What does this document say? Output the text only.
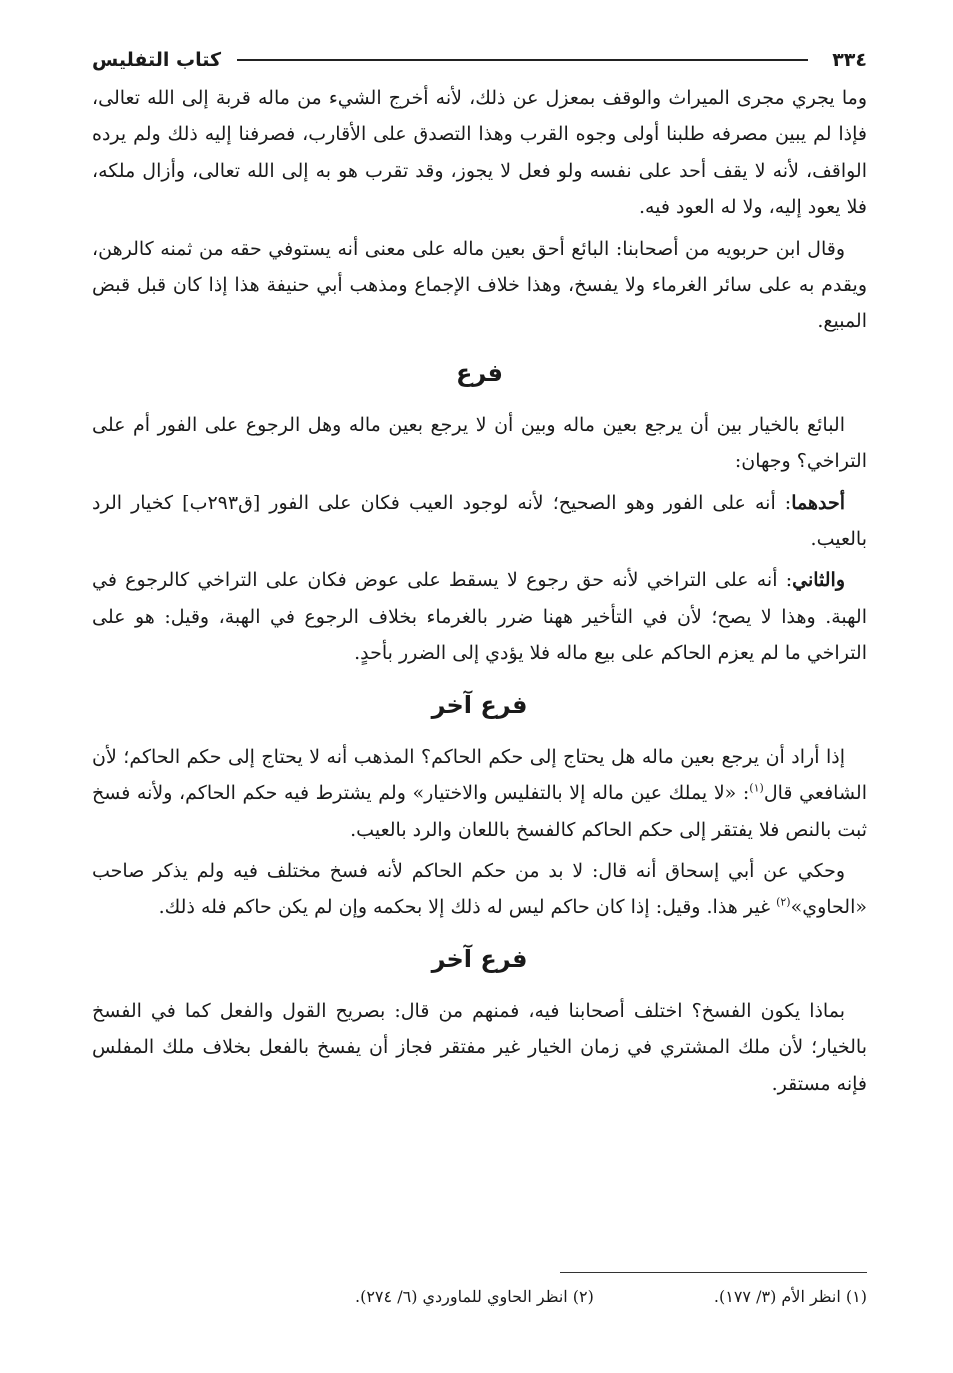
٣٣٤
كتاب التفليس

وما يجري مجرى الميراث والوقف بمعزل عن ذلك، لأنه أخرج الشيء من ماله قربة إلى الله تعالى، فإذا لم يبين مصرفه طلبنا أولى وجوه القرب وهذا التصدق على الأقارب، فصرفنا إليه ذلك ولم يرده الواقف، لأنه لا يقف أحد على نفسه ولو فعل لا يجوز، وقد تقرب هو به إلى الله تعالى، وأزال ملكه، فلا يعود إليه، ولا له العود فيه.

وقال ابن حربويه من أصحابنا: البائع أحق بعين ماله على معنى أنه يستوفي حقه من ثمنه كالرهن، ويقدم به على سائر الغرماء ولا يفسخ، وهذا خلاف الإجماع ومذهب أبي حنيفة هذا إذا كان قبل قبض المبيع.

فرع

البائع بالخيار بين أن يرجع بعين ماله وبين أن لا يرجع بعين ماله وهل الرجوع على الفور أم على التراخي؟ وجهان:

أحدهما: أنه على الفور وهو الصحيح؛ لأنه لوجود العيب فكان على الفور [ق٢٩٣ب] كخيار الرد بالعيب.

والثاني: أنه على التراخي لأنه حق رجوع لا يسقط على عوض فكان على التراخي كالرجوع في الهبة. وهذا لا يصح؛ لأن في التأخير ههنا ضرر بالغرماء بخلاف الرجوع في الهبة، وقيل: هو على التراخي ما لم يعزم الحاكم على بيع ماله فلا يؤدي إلى الضرر بأحدٍ.

فرع آخر

إذا أراد أن يرجع بعين ماله هل يحتاج إلى حكم الحاكم؟ المذهب أنه لا يحتاج إلى حكم الحاكم؛ لأن الشافعي قال$^{(١)}$: «لا يملك عين ماله إلا بالتفليس والاختيار» ولم يشترط فيه حكم الحاكم، ولأنه فسخ ثبت بالنص فلا يفتقر إلى حكم الحاكم كالفسخ باللعان والرد بالعيب.

وحكي عن أبي إسحاق أنه قال: لا بد من حكم الحاكم لأنه فسخ مختلف فيه ولم يذكر صاحب «الحاوي»$^{(٢)}$ غير هذا. وقيل: إذا كان حاكم ليس له ذلك إلا بحكمه وإن لم يكن حاكم فله ذلك.

فرع آخر

بماذا يكون الفسخ؟ اختلف أصحابنا فيه، فمنهم من قال: بصريح القول والفعل كما في الفسخ بالخيار؛ لأن ملك المشتري في زمان الخيار غير مفتقر فجاز أن يفسخ بالفعل بخلاف ملك المفلس فإنه مستقر.

(١) انظر الأم (٣/ ١٧٧).
(٢) انظر الحاوي للماوردي (٦/ ٢٧٤).
